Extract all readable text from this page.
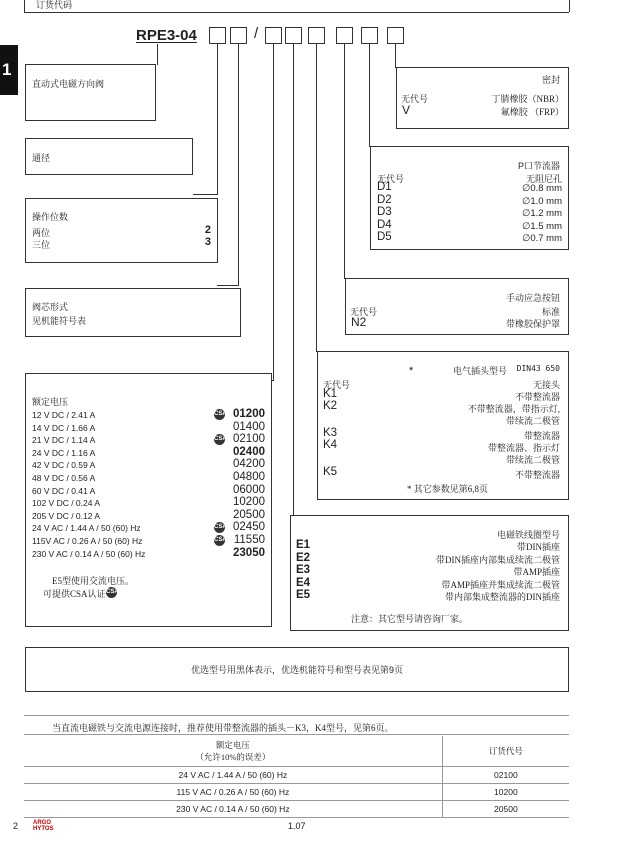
订货代码
1
RPE3-04	/
直动式电磁方向阀
通径
操作位数
两位	2
三位	3
阀芯形式
见机能符号表
额定电压
12 V DC / 2.41 A	CSA 01200
14 V DC / 1.66 A	01400
21 V DC / 1.14 A	CSA 02100
24 V DC / 1.16 A	02400
42 V DC / 0.59 A	04200
48 V DC / 0.56 A	04800
60 V DC / 0.41 A	06000
102 V DC / 0.24 A	10200
205 V DC / 0.12 A	20500
24 V AC / 1.44 A / 50 (60) Hz	CSA 02450
115V AC / 0.26 A / 50 (60) Hz	CSA 11550
230 V AC / 0.14 A / 50 (60) Hz	23050
E5型使用交流电压。
可提供CSA认证 CSA
密封
无代号	丁腈橡胶（NBR）
V	氟橡胶 （FRP）
P口节流器
无代号	无阻尼孔
D1	∅0.8 mm
D2	∅1.0 mm
D3	∅1.2 mm
D4	∅1.5 mm
D5	∅0.7 mm
手动应急按钮
无代号	标准
N2	带橡胶保护罩
*	电气插头型号 DIN43 650
无代号	无接头
K1	不带整流器
K2	不带整流器，带指示灯,
带续流二极管
K3	带整流器
K4	带整流器、指示灯
带续流二极管
K5	不带整流器
* 其它参数见第6,8页
电磁铁线圈型号
E1	带DIN插座
E2	带DIN插座内部集成续流二极管
E3	带AMP插座
E4	带AMP插座并集成续流二极管
E5	带内部集成整流器的DIN插座
注意：其它型号请咨询厂家。
优选型号用黑体表示，优选机能符号和型号表见第9页
当直流电磁铁与交流电源连接时，推荐使用带整流器的插头－K3，K4型号，见第6页。
额定电压
（允许10%的误差）	订货代号
24 V AC / 1.44 A / 50 (60) Hz	02100
115 V AC / 0.26 A / 50 (60) Hz	10200
230 V AC / 0.14 A / 50 (60) Hz	20500
2 ARGO
HYTOS	1.07
